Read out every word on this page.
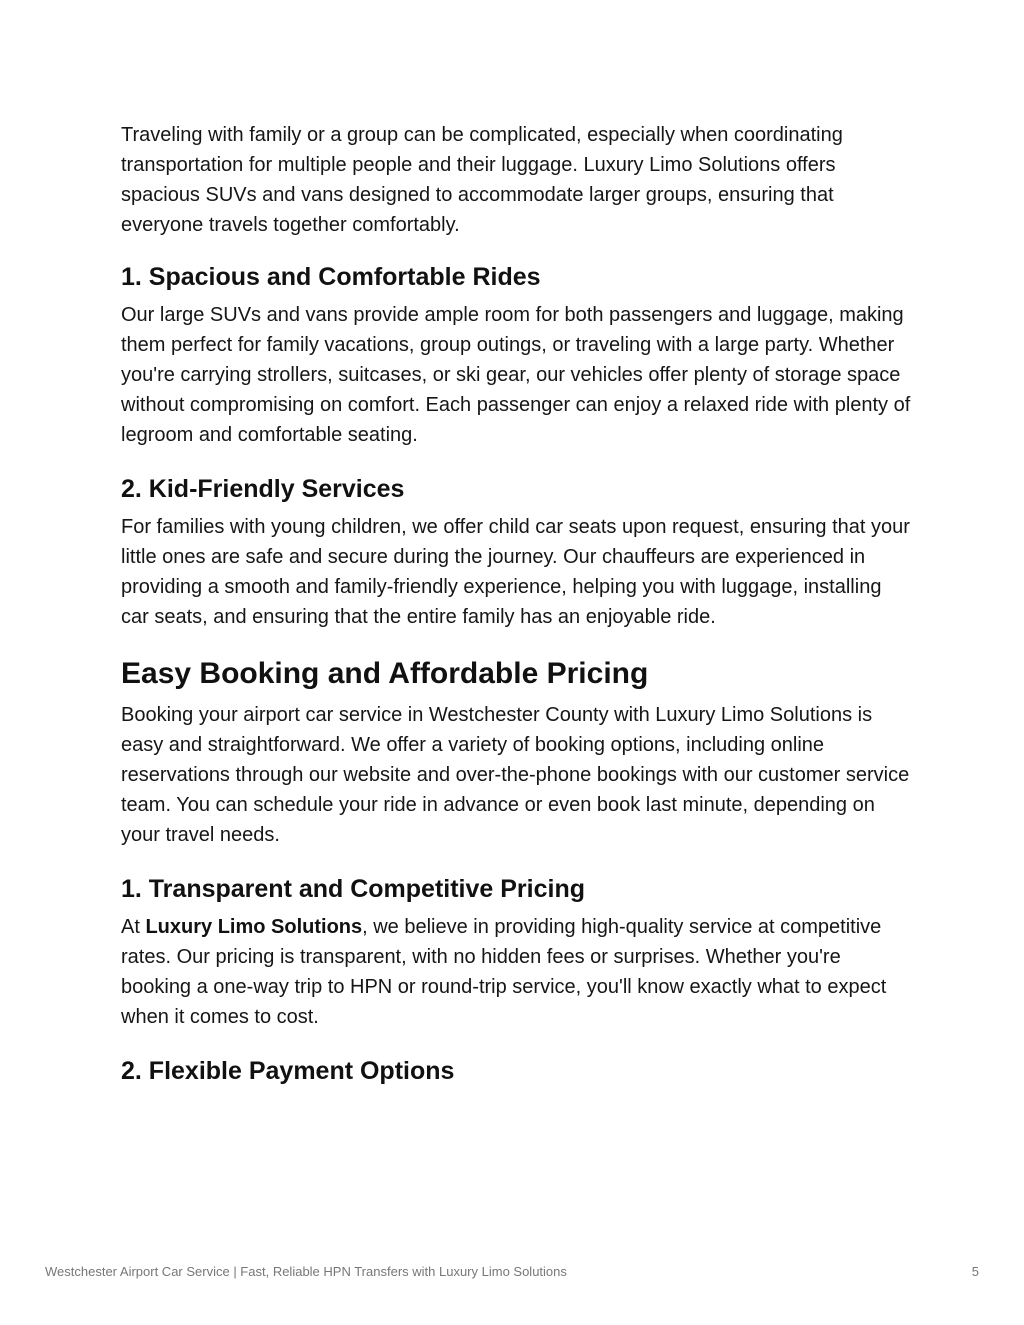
Traveling with family or a group can be complicated, especially when coordinating transportation for multiple people and their luggage. Luxury Limo Solutions offers spacious SUVs and vans designed to accommodate larger groups, ensuring that everyone travels together comfortably.

1. Spacious and Comfortable Rides

Our large SUVs and vans provide ample room for both passengers and luggage, making them perfect for family vacations, group outings, or traveling with a large party. Whether you're carrying strollers, suitcases, or ski gear, our vehicles offer plenty of storage space without compromising on comfort. Each passenger can enjoy a relaxed ride with plenty of legroom and comfortable seating.

2. Kid-Friendly Services

For families with young children, we offer child car seats upon request, ensuring that your little ones are safe and secure during the journey. Our chauffeurs are experienced in providing a smooth and family-friendly experience, helping you with luggage, installing car seats, and ensuring that the entire family has an enjoyable ride.

Easy Booking and Affordable Pricing

Booking your airport car service in Westchester County with Luxury Limo Solutions is easy and straightforward. We offer a variety of booking options, including online reservations through our website and over-the-phone bookings with our customer service team. You can schedule your ride in advance or even book last minute, depending on your travel needs.

1. Transparent and Competitive Pricing

At Luxury Limo Solutions, we believe in providing high-quality service at competitive rates. Our pricing is transparent, with no hidden fees or surprises. Whether you're booking a one-way trip to HPN or round-trip service, you'll know exactly what to expect when it comes to cost.

2. Flexible Payment Options
Westchester Airport Car Service | Fast, Reliable HPN Transfers with Luxury Limo Solutions	5
